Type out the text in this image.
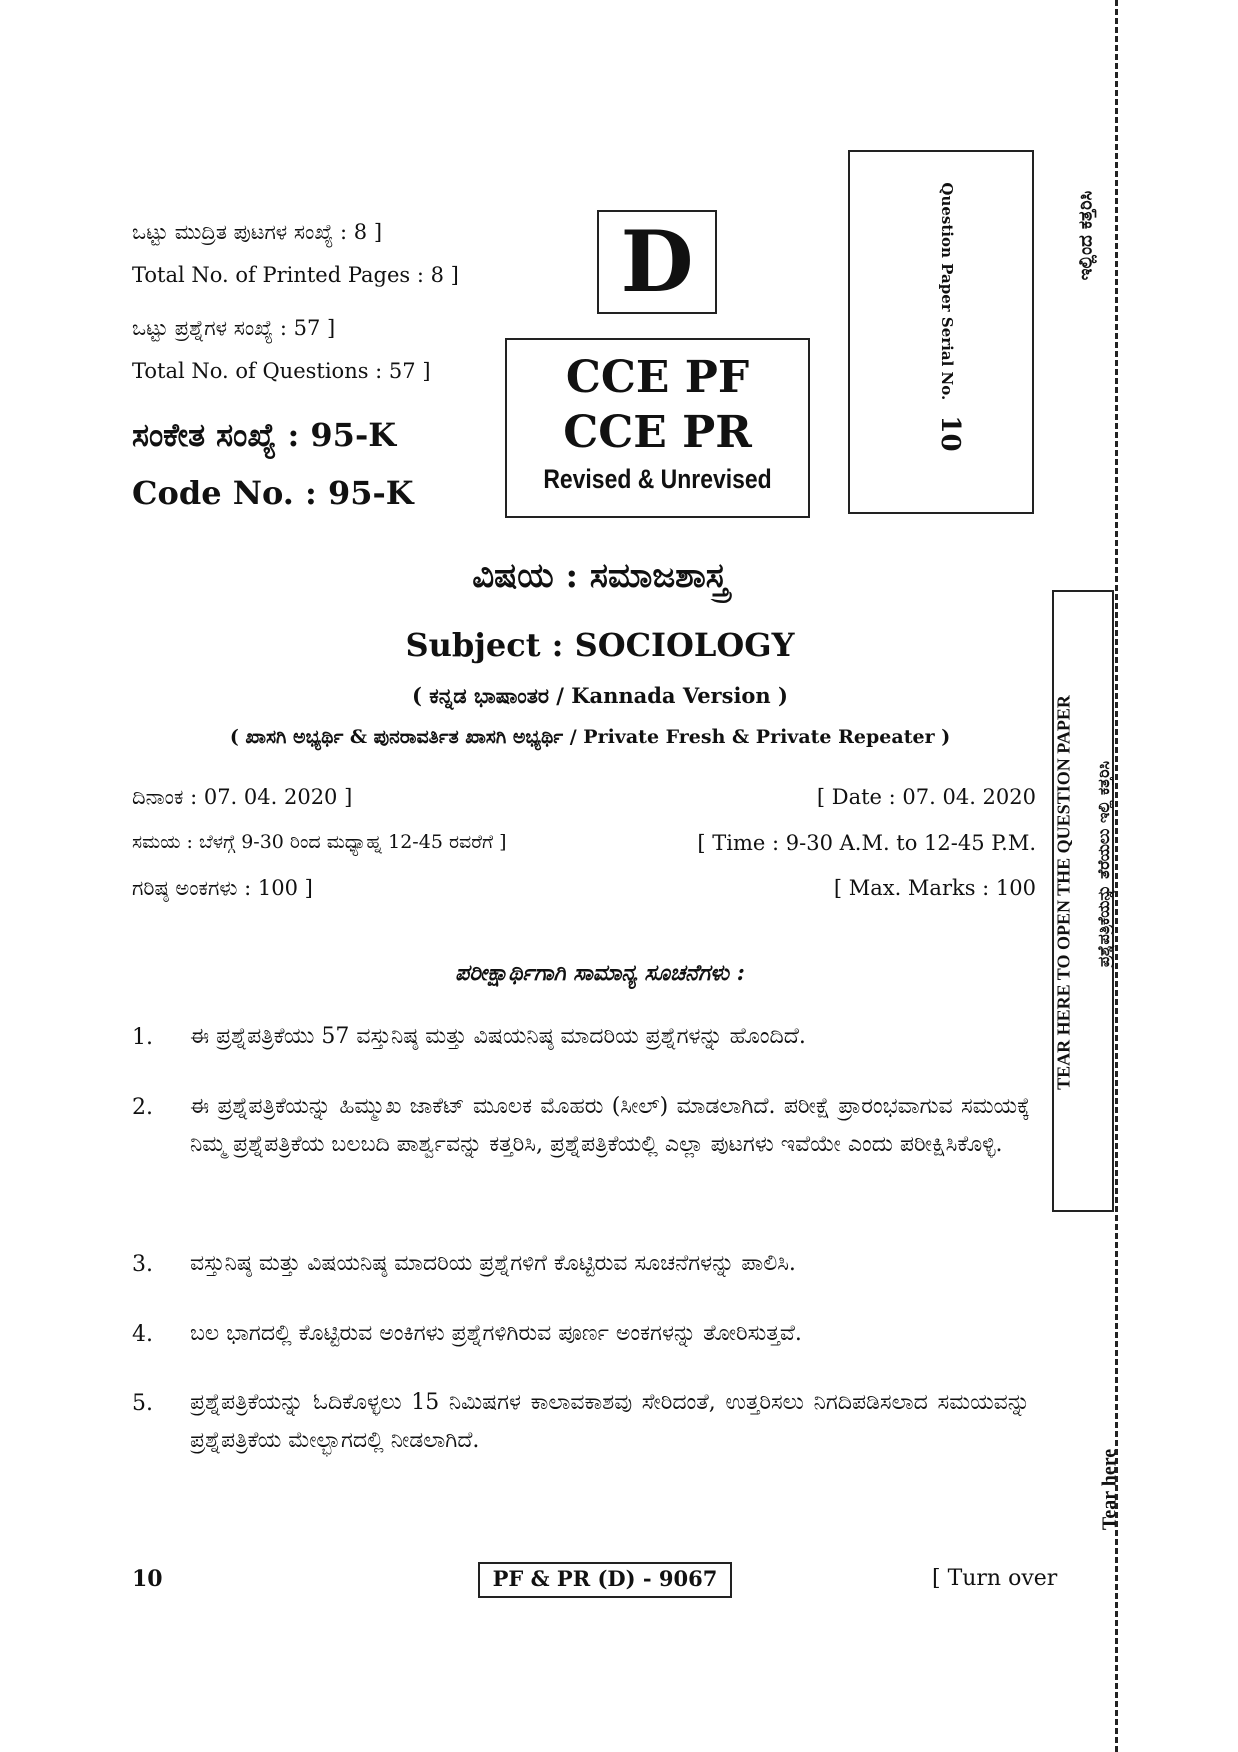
ಒಟ್ಟು ಮುದ್ರಿತ ಪುಟಗಳ ಸಂಖ್ಯೆ : 8 ]
Total No. of Printed Pages : 8 ]
ಒಟ್ಟು ಪ್ರಶ್ನೆಗಳ ಸಂಖ್ಯೆ : 57 ]
Total No. of Questions : 57 ]
ಸಂಕೇತ ಸಂಖ್ಯೆ : 95-K
Code No. : 95-K
D
CCE PF
CCE PR
Revised & Unrevised
Question Paper Serial No. 10
ಇಲ್ಲಿಂದ ಕತ್ತರಿಸಿ
TEAR HERE TO OPEN THE QUESTION PAPER ಪ್ರಶ್ನೆಪತ್ರಿಕೆಯನ್ನು ತೆರೆಯಲು ಇಲ್ಲಿ ಕತ್ತರಿಸಿ
Tear here
ವಿಷಯ : ಸಮಾಜಶಾಸ್ತ್ರ
Subject : SOCIOLOGY
( ಕನ್ನಡ ಭಾಷಾಂತರ / Kannada Version )
( ಖಾಸಗಿ ಅಭ್ಯರ್ಥಿ & ಪುನರಾವರ್ತಿತ ಖಾಸಗಿ ಅಭ್ಯರ್ಥಿ / Private Fresh & Private Repeater )
ದಿನಾಂಕ : 07. 04. 2020 ]	[ Date : 07. 04. 2020
ಸಮಯ : ಬೆಳಗ್ಗೆ 9-30 ರಿಂದ ಮಧ್ಯಾಹ್ನ 12-45 ರವರೆಗೆ ]	[ Time : 9-30 A.M. to 12-45 P.M.
ಗರಿಷ್ಠ ಅಂಕಗಳು : 100 ]	[ Max. Marks : 100
ಪರೀಕ್ಷಾರ್ಥಿಗಾಗಿ ಸಾಮಾನ್ಯ ಸೂಚನೆಗಳು :
1. ಈ ಪ್ರಶ್ನೆಪತ್ರಿಕೆಯು 57 ವಸ್ತುನಿಷ್ಠ ಮತ್ತು ವಿಷಯನಿಷ್ಠ ಮಾದರಿಯ ಪ್ರಶ್ನೆಗಳನ್ನು ಹೊಂದಿದೆ.
2. ಈ ಪ್ರಶ್ನೆಪತ್ರಿಕೆಯನ್ನು ಹಿಮ್ಮುಖ ಜಾಕೆಟ್ ಮೂಲಕ ಮೊಹರು (ಸೀಲ್) ಮಾಡಲಾಗಿದೆ. ಪರೀಕ್ಷೆ ಪ್ರಾರಂಭವಾಗುವ ಸಮಯಕ್ಕೆ ನಿಮ್ಮ ಪ್ರಶ್ನೆಪತ್ರಿಕೆಯ ಬಲಬದಿ ಪಾರ್ಶ್ವವನ್ನು ಕತ್ತರಿಸಿ, ಪ್ರಶ್ನೆಪತ್ರಿಕೆಯಲ್ಲಿ ಎಲ್ಲಾ ಪುಟಗಳು ಇವೆಯೇ ಎಂದು ಪರೀಕ್ಷಿಸಿಕೊಳ್ಳಿ.
3. ವಸ್ತುನಿಷ್ಠ ಮತ್ತು ವಿಷಯನಿಷ್ಠ ಮಾದರಿಯ ಪ್ರಶ್ನೆಗಳಿಗೆ ಕೊಟ್ಟಿರುವ ಸೂಚನೆಗಳನ್ನು ಪಾಲಿಸಿ.
4. ಬಲ ಭಾಗದಲ್ಲಿ ಕೊಟ್ಟಿರುವ ಅಂಕಿಗಳು ಪ್ರಶ್ನೆಗಳಿಗಿರುವ ಪೂರ್ಣ ಅಂಕಗಳನ್ನು ತೋರಿಸುತ್ತವೆ.
5. ಪ್ರಶ್ನೆಪತ್ರಿಕೆಯನ್ನು ಓದಿಕೊಳ್ಳಲು 15 ನಿಮಿಷಗಳ ಕಾಲಾವಕಾಶವು ಸೇರಿದಂತೆ, ಉತ್ತರಿಸಲು ನಿಗದಿಪಡಿಸಲಾದ ಸಮಯವನ್ನು ಪ್ರಶ್ನೆಪತ್ರಿಕೆಯ ಮೇಲ್ಭಾಗದಲ್ಲಿ ನೀಡಲಾಗಿದೆ.
10	PF & PR (D) - 9067	[ Turn over
